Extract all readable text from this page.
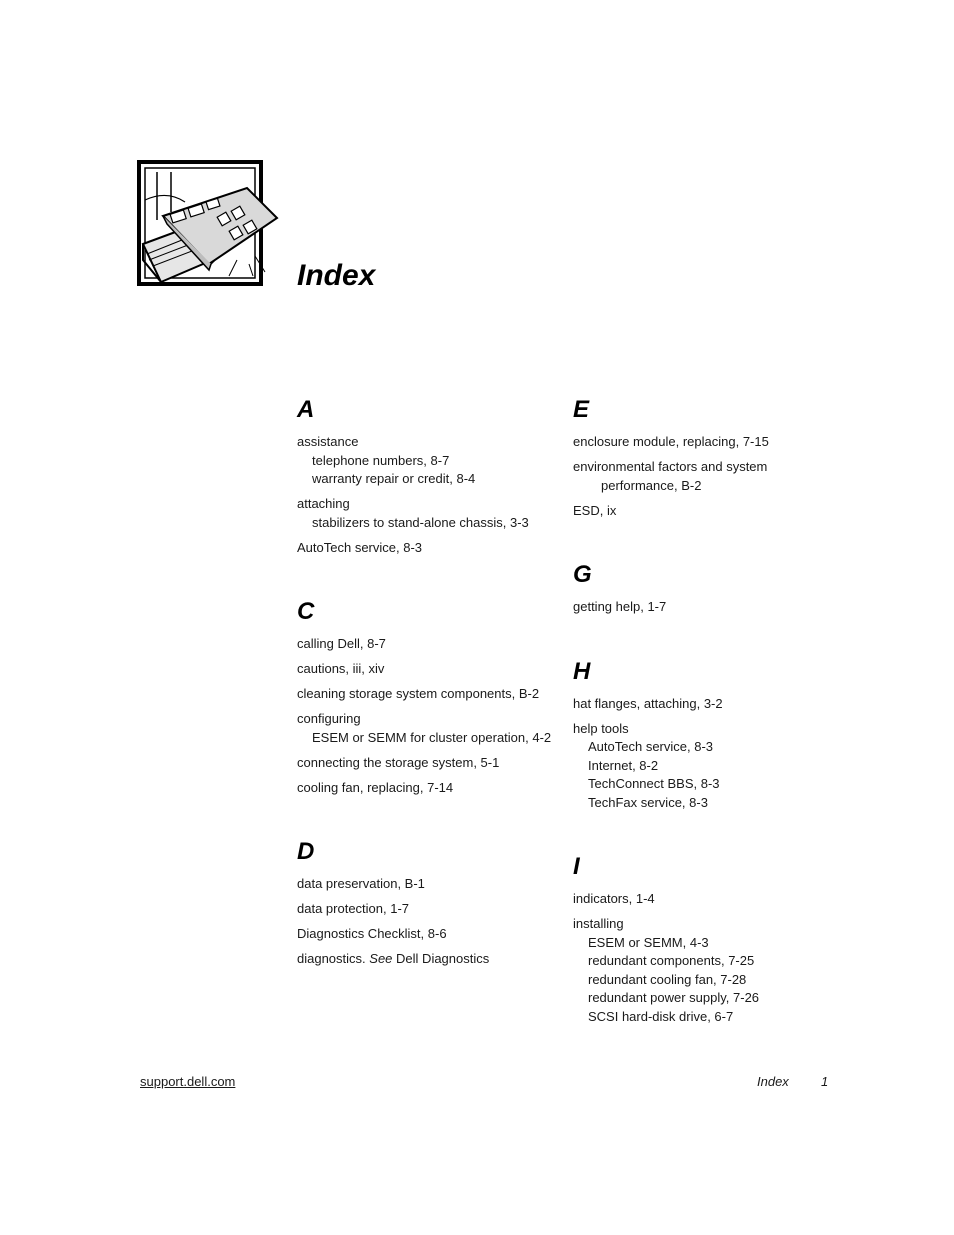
Index
A
assistance
telephone numbers, 8-7
warranty repair or credit, 8-4
attaching
stabilizers to stand-alone chassis, 3-3
AutoTech service, 8-3
C
calling Dell, 8-7
cautions, iii, xiv
cleaning storage system components, B-2
configuring
ESEM or SEMM for cluster operation, 4-2
connecting the storage system, 5-1
cooling fan, replacing, 7-14
D
data preservation, B-1
data protection, 1-7
Diagnostics Checklist, 8-6
diagnostics. See Dell Diagnostics
E
enclosure module, replacing, 7-15
environmental factors and system performance, B-2
ESD, ix
G
getting help, 1-7
H
hat flanges, attaching, 3-2
help tools
AutoTech service, 8-3
Internet, 8-2
TechConnect BBS, 8-3
TechFax service, 8-3
I
indicators, 1-4
installing
ESEM or SEMM, 4-3
redundant components, 7-25
redundant cooling fan, 7-28
redundant power supply, 7-26
SCSI hard-disk drive, 6-7
support.dell.com	Index 1
